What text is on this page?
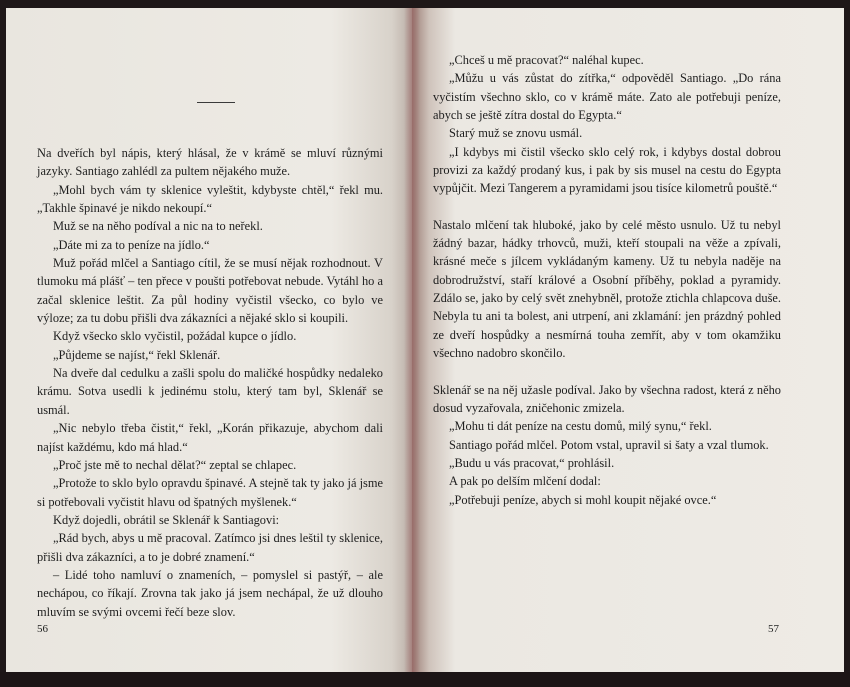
Na dveřích byl nápis, který hlásal, že v krámě se mluví různými jazyky. Santiago zahlédl za pultem nějakého muže.

„Mohl bych vám ty sklenice vyleštit, kdybyste chtěl,“ řekl mu. „Takhle špinavé je nikdo nekoupí.“

Muž se na něho podíval a nic na to neřekl.

„Dáte mi za to peníze na jídlo.“

Muž pořád mlčel a Santiago cítil, že se musí nějak rozhodnout. V tlumoku má plášť – ten přece v poušti potřebovat nebude. Vytáhl ho a začal sklenice leštit. Za půl hodiny vyčistil všecko, co bylo ve výloze; za tu dobu přišli dva zákazníci a nějaké sklo si koupili.

Když všecko sklo vyčistil, požádal kupce o jídlo.

„Půjdeme se najíst,“ řekl Sklenář.

Na dveře dal cedulku a zašli spolu do maličké hospůdky nedaleko krámu. Sotva usedli k jedinému stolu, který tam byl, Sklenář se usmál.

„Nic nebylo třeba čistit,“ řekl, „Korán přikazuje, abychom dali najíst každému, kdo má hlad.“

„Proč jste mě to nechal dělat?“ zeptal se chlapec.

„Protože to sklo bylo opravdu špinavé. A stejně tak ty jako já jsme si potřebovali vyčistit hlavu od špatných myšlenek.“

Když dojedli, obrátil se Sklenář k Santiagovi:

„Rád bych, abys u mě pracoval. Zatímco jsi dnes leštil ty sklenice, přišli dva zákazníci, a to je dobré znamení.“

– Lidé toho namluví o znameních, – pomyslel si pastýř, – ale nechápou, co říkají. Zrovna tak jako já jsem nechápal, že už dlouho mluvím se svými ovcemi řečí beze slov.

56

„Chceš u mě pracovat?“ naléhal kupec.

„Můžu u vás zůstat do zítřka,“ odpověděl Santiago. „Do rána vyčistím všechno sklo, co v krámě máte. Zato ale potřebuji peníze, abych se ještě zítra dostal do Egypta.“

Starý muž se znovu usmál.

„I kdybys mi čistil všecko sklo celý rok, i kdybys dostal dobrou provizi za každý prodaný kus, i pak by sis musel na cestu do Egypta vypůjčit. Mezi Tangerem a pyramidami jsou tisíce kilometrů pouště.“

Nastalo mlčení tak hluboké, jako by celé město usnulo. Už tu nebyl žádný bazar, hádky trhovců, muži, kteří stoupali na věže a zpívali, krásné meče s jílcem vykládaným kameny. Už tu nebyla naděje na dobrodružství, staří králové a Osobní příběhy, poklad a pyramidy. Zdálo se, jako by celý svět znehybněl, protože ztichla chlapcova duše. Nebyla tu ani ta bolest, ani utrpení, ani zklamání: jen prázdný pohled ze dveří hospůdky a nesmírná touha zemřít, aby v tom okamžiku všechno nadobro skončilo.

Sklenář se na něj užasle podíval. Jako by všechna radost, která z něho dosud vyzařovala, zničehonic zmizela.

„Mohu ti dát peníze na cestu domů, milý synu,“ řekl.

Santiago pořád mlčel. Potom vstal, upravil si šaty a vzal tlumok.

„Budu u vás pracovat,“ prohlásil.

A pak po delším mlčení dodal:

„Potřebuji peníze, abych si mohl koupit nějaké ovce.“

57
